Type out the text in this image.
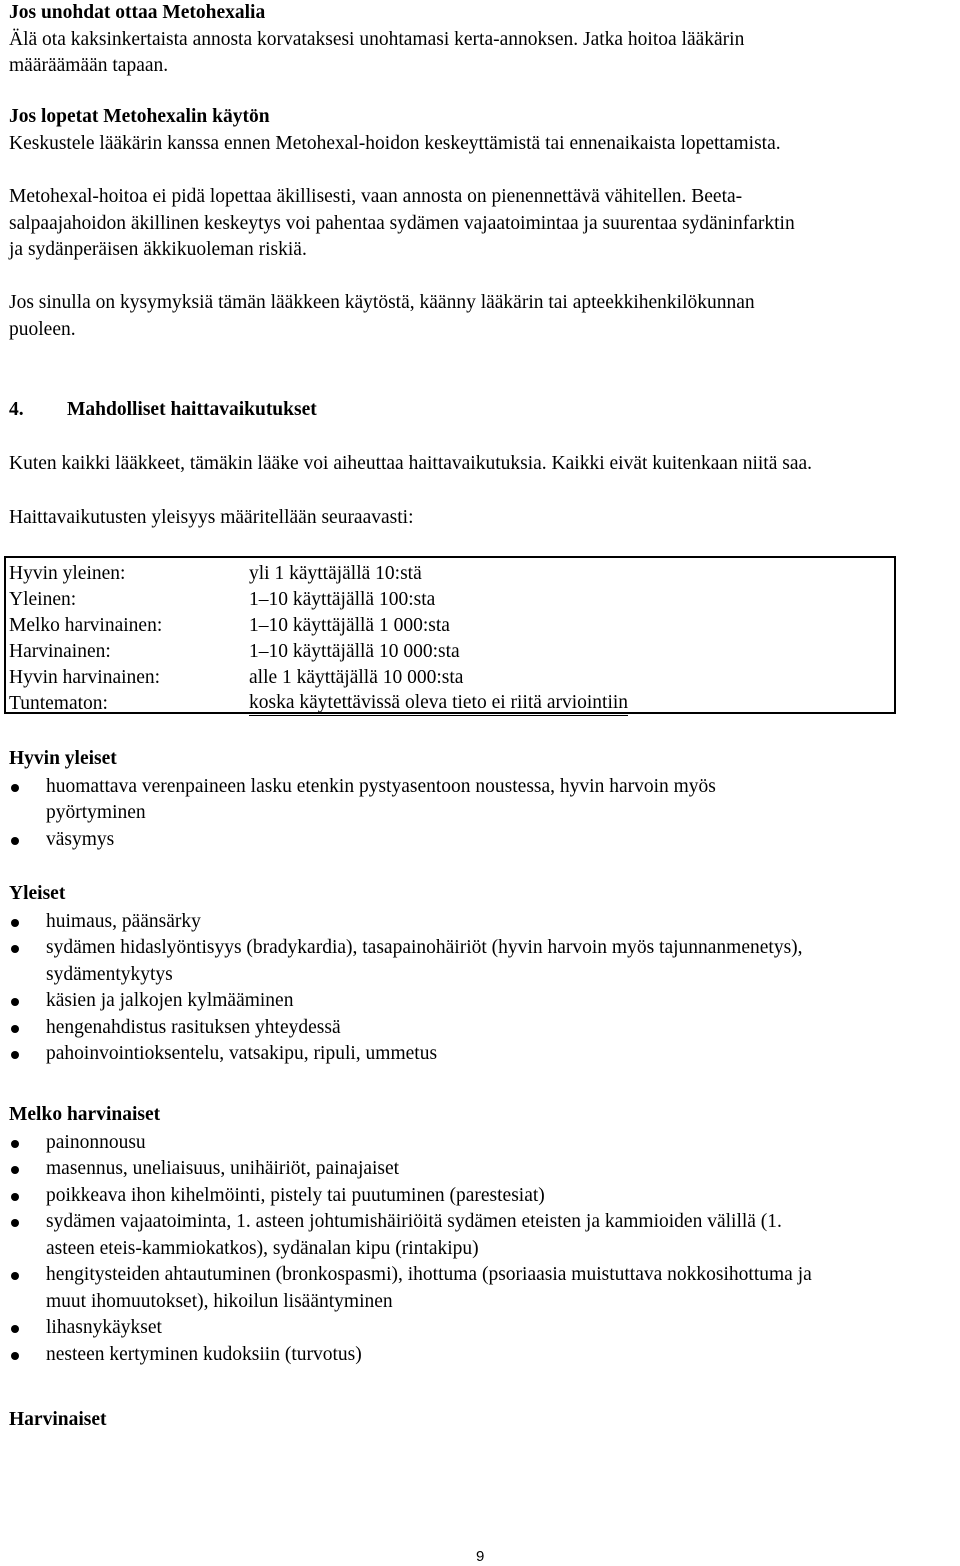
Jos unohdat ottaa Metohexalia

Älä ota kaksinkertaista annosta korvataksesi unohtamasi kerta-annoksen. Jatka hoitoa lääkärin

määräämään tapaan.

Jos lopetat Metohexalin käytön

Keskustele lääkärin kanssa ennen Metohexal-hoidon keskeyttämistä tai ennenaikaista lopettamista.

Metohexal-hoitoa ei pidä lopettaa äkillisesti, vaan annosta on pienennettävä vähitellen. Beeta-

salpaajahoidon äkillinen keskeytys voi pahentaa sydämen vajaatoimintaa ja suurentaa sydäninfarktin

ja sydänperäisen äkkikuoleman riskiä.

Jos sinulla on kysymyksiä tämän lääkkeen käytöstä, käänny lääkärin tai apteekkihenkilökunnan

puoleen.

4. Mahdolliset haittavaikutukset

Kuten kaikki lääkkeet, tämäkin lääke voi aiheuttaa haittavaikutuksia. Kaikki eivät kuitenkaan niitä saa.

Haittavaikutusten yleisyys määritellään seuraavasti:

Hyvin yleinen:	yli 1 käyttäjällä 10:stä
Yleinen:	1–10 käyttäjällä 100:sta
Melko harvinainen:	1–10 käyttäjällä 1 000:sta
Harvinainen:	1–10 käyttäjällä 10 000:sta
Hyvin harvinainen:	alle 1 käyttäjällä 10 000:sta
Tuntematon:	koska käytettävissä oleva tieto ei riitä arviointiin

Hyvin yleiset

huomattava verenpaineen lasku etenkin pystyasentoon noustessa, hyvin harvoin myös
pyörtyminen
väsymys

Yleiset

huimaus, päänsärky
sydämen hidaslyöntisyys (bradykardia), tasapainohäiriöt (hyvin harvoin myös tajunnanmenetys),
sydämentykytys
käsien ja jalkojen kylmääminen
hengenahdistus rasituksen yhteydessä
pahoinvointioksentelu, vatsakipu, ripuli, ummetus

Melko harvinaiset

painonnousu
masennus, uneliaisuus, unihäiriöt, painajaiset
poikkeava ihon kihelmöinti, pistely tai puutuminen (parestesiat)
sydämen vajaatoiminta, 1. asteen johtumishäiriöitä sydämen eteisten ja kammioiden välillä (1.
asteen eteis-kammiokatkos), sydänalan kipu (rintakipu)
hengitysteiden ahtautuminen (bronkospasmi), ihottuma (psoriaasia muistuttava nokkosihottuma ja
muut ihomuutokset), hikoilun lisääntyminen
lihasnykäykset
nesteen kertyminen kudoksiin (turvotus)

Harvinaiset

9
